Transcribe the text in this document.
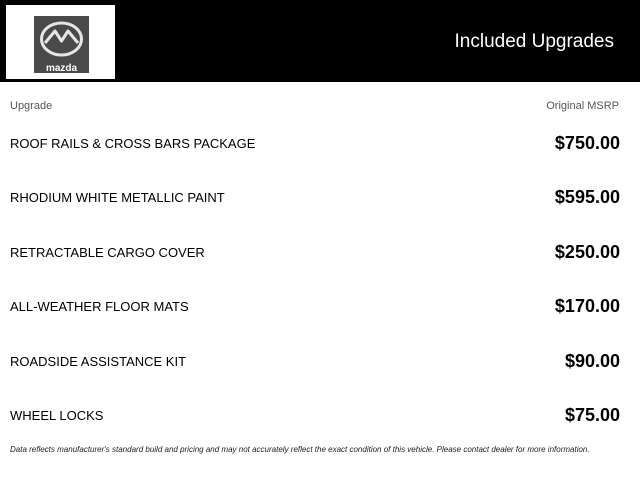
mazda
Included Upgrades
Upgrade	Original MSRP
ROOF RAILS & CROSS BARS PACKAGE	$750.00
RHODIUM WHITE METALLIC PAINT	$595.00
RETRACTABLE CARGO COVER	$250.00
ALL-WEATHER FLOOR MATS	$170.00
ROADSIDE ASSISTANCE KIT	$90.00
WHEEL LOCKS	$75.00
Data reflects manufacturer's standard build and pricing and may not accurately reflect the exact condition of this vehicle. Please contact dealer for more information.
